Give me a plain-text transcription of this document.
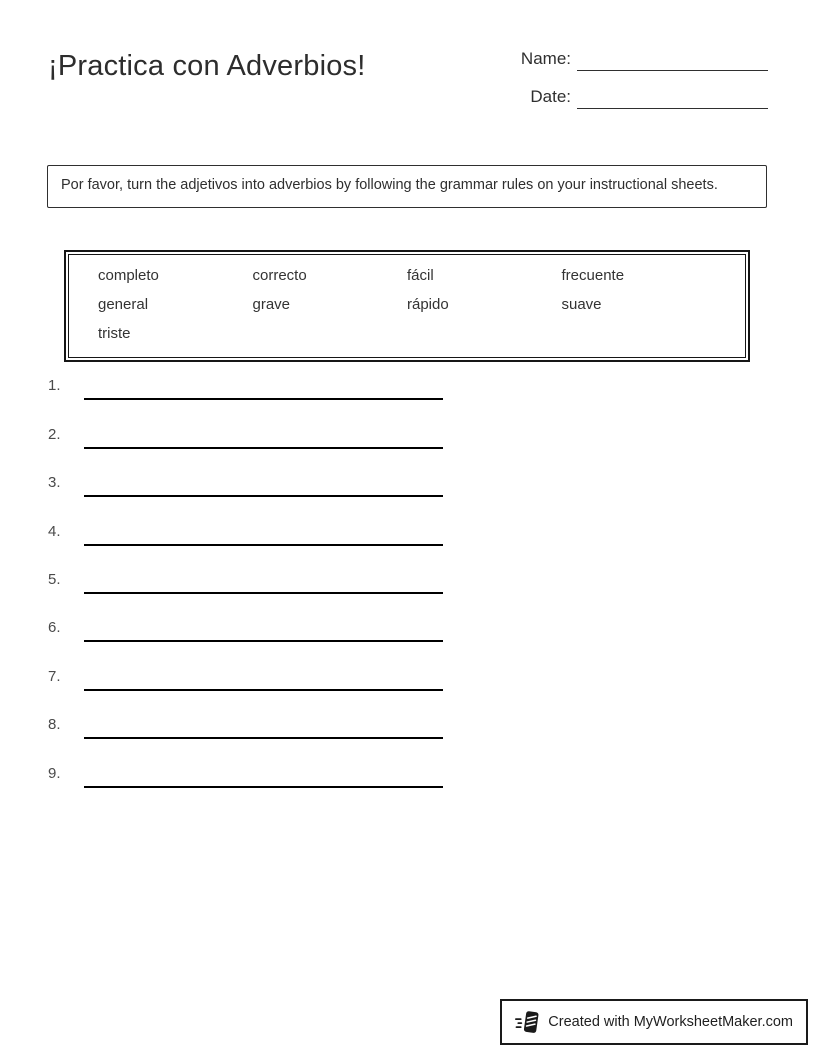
¡Practica con Adverbios!	Name:
Date:
Por favor, turn the adjetivos into adverbios by following the grammar rules on your instructional sheets.
completo	correcto	fácil	frecuente
general	grave	rápido	suave
triste
1.
2.
3.
4.
5.
6.
7.
8.
9.
Created with MyWorksheetMaker.com
